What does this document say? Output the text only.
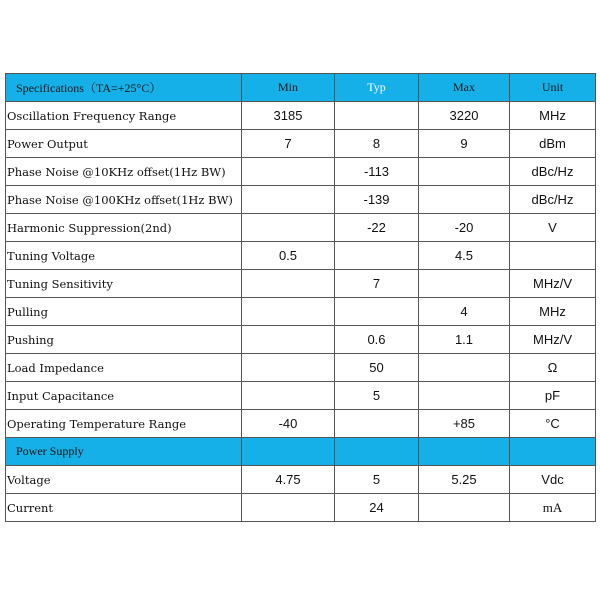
Specifications（TA=+25°C）	Min	Typ	Max	Unit
Oscillation Frequency Range	3185		3220	MHz
Power Output	7	8	9	dBm
Phase Noise @10KHz offset(1Hz BW)		-113		dBc/Hz
Phase Noise @100KHz offset(1Hz BW)		-139		dBc/Hz
Harmonic Suppression(2nd)		-22	-20	V
Tuning Voltage	0.5		4.5	
Tuning Sensitivity		7		MHz/V
Pulling			4	MHz
Pushing		0.6	1.1	MHz/V
Load Impedance		50		Ω
Input Capacitance		5		pF
Operating Temperature Range	-40		+85	°C
Power Supply				
Voltage	4.75	5	5.25	Vdc
Current		24		mA
